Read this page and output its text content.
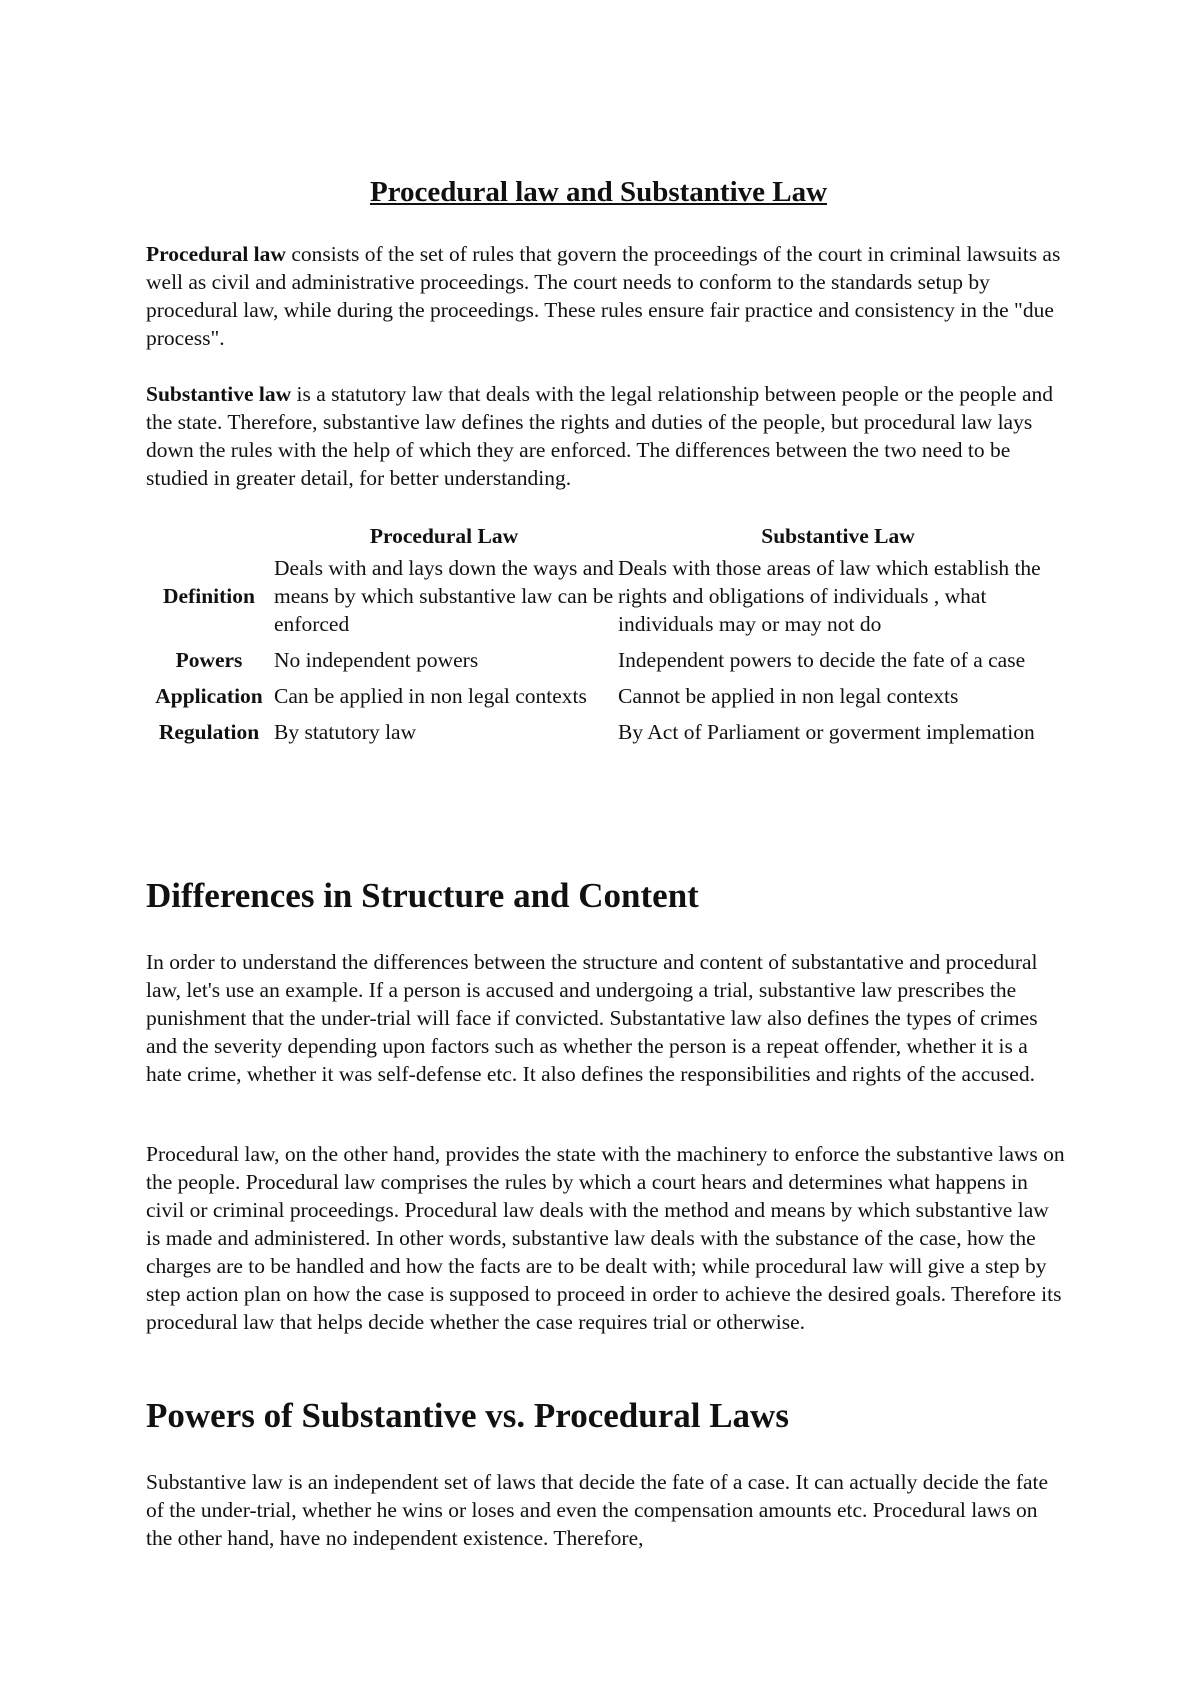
Procedural law and Substantive Law

Procedural law consists of the set of rules that govern the proceedings of the court in criminal lawsuits as well as civil and administrative proceedings. The court needs to conform to the standards setup by procedural law, while during the proceedings. These rules ensure fair practice and consistency in the "due process".

Substantive law is a statutory law that deals with the legal relationship between people or the people and the state. Therefore, substantive law defines the rights and duties of the people, but procedural law lays down the rules with the help of which they are enforced. The differences between the two need to be studied in greater detail, for better understanding.

	Procedural Law	Substantive Law
Definition	Deals with and lays down the ways and means by which substantive law can be enforced	Deals with those areas of law which establish the rights and obligations of individuals , what individuals may or may not do
Powers	No independent powers	Independent powers to decide the fate of a case
Application	Can be applied in non legal contexts	Cannot be applied in non legal contexts
Regulation	By statutory law	By Act of Parliament or goverment implemation
Differences in Structure and Content

In order to understand the differences between the structure and content of substantative and procedural law, let's use an example. If a person is accused and undergoing a trial, substantive law prescribes the punishment that the under-trial will face if convicted. Substantative law also defines the types of crimes and the severity depending upon factors such as whether the person is a repeat offender, whether it is a hate crime, whether it was self-defense etc. It also defines the responsibilities and rights of the accused.

Procedural law, on the other hand, provides the state with the machinery to enforce the substantive laws on the people. Procedural law comprises the rules by which a court hears and determines what happens in civil or criminal proceedings. Procedural law deals with the method and means by which substantive law is made and administered. In other words, substantive law deals with the substance of the case, how the charges are to be handled and how the facts are to be dealt with; while procedural law will give a step by step action plan on how the case is supposed to proceed in order to achieve the desired goals. Therefore its procedural law that helps decide whether the case requires trial or otherwise.

Powers of Substantive vs. Procedural Laws

Substantive law is an independent set of laws that decide the fate of a case. It can actually decide the fate of the under-trial, whether he wins or loses and even the compensation amounts etc. Procedural laws on the other hand, have no independent existence. Therefore,
